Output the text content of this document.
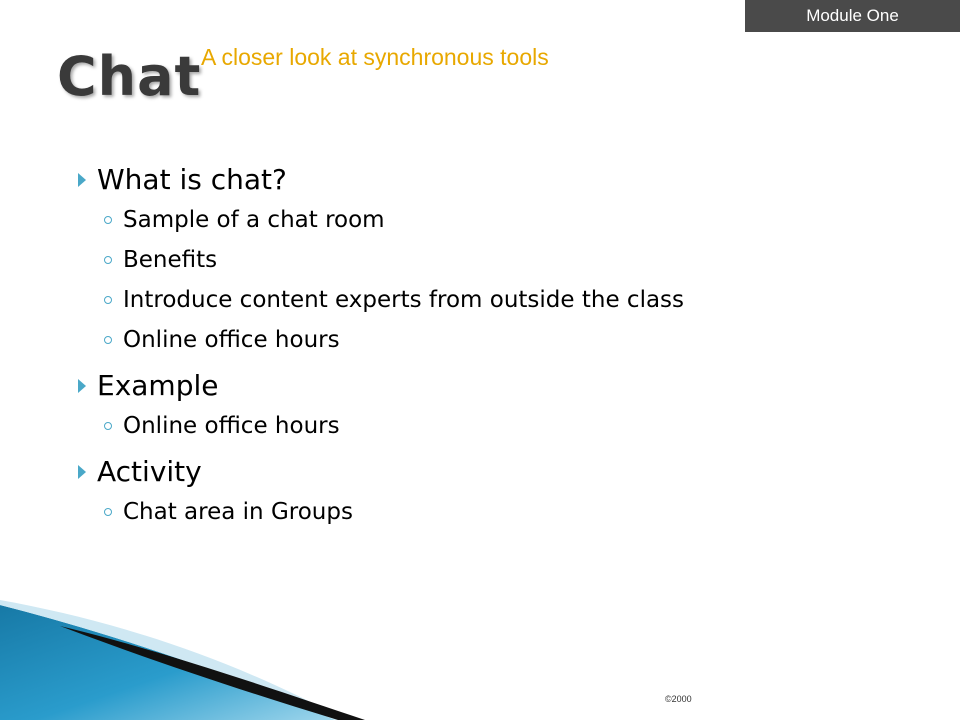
Module One
Chat A closer look at synchronous tools
What is chat?
Sample of a chat room
Benefits
Introduce content experts from outside the class
Online office hours
Example
Online office hours
Activity
Chat area in Groups
©2000
